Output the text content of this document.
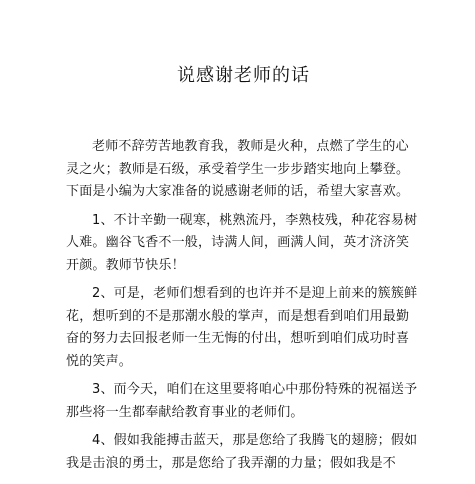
说感谢老师的话

老师不辞劳苦地教育我，教师是火种，点燃了学生的心灵之火；教师是石级，承受着学生一步步踏实地向上攀登。下面是小编为大家准备的说感谢老师的话，希望大家喜欢。

1、不计辛勤一砚寒，桃熟流丹，李熟枝残，种花容易树人难。幽谷飞香不一般，诗满人间，画满人间，英才济济笑开颜。教师节快乐！

2、可是，老师们想看到的也许并不是迎上前来的簇簇鲜花，想听到的不是那潮水般的掌声，而是想看到咱们用最勤奋的努力去回报老师一生无悔的付出，想听到咱们成功时喜悦的笑声。

3、而今天，咱们在这里要将咱心中那份特殊的祝福送予那些将一生都奉献给教育事业的老师们。

4、假如我能搏击蓝天，那是您给了我腾飞的翅膀；假如我是击浪的勇士，那是您给了我弄潮的力量；假如我是不
